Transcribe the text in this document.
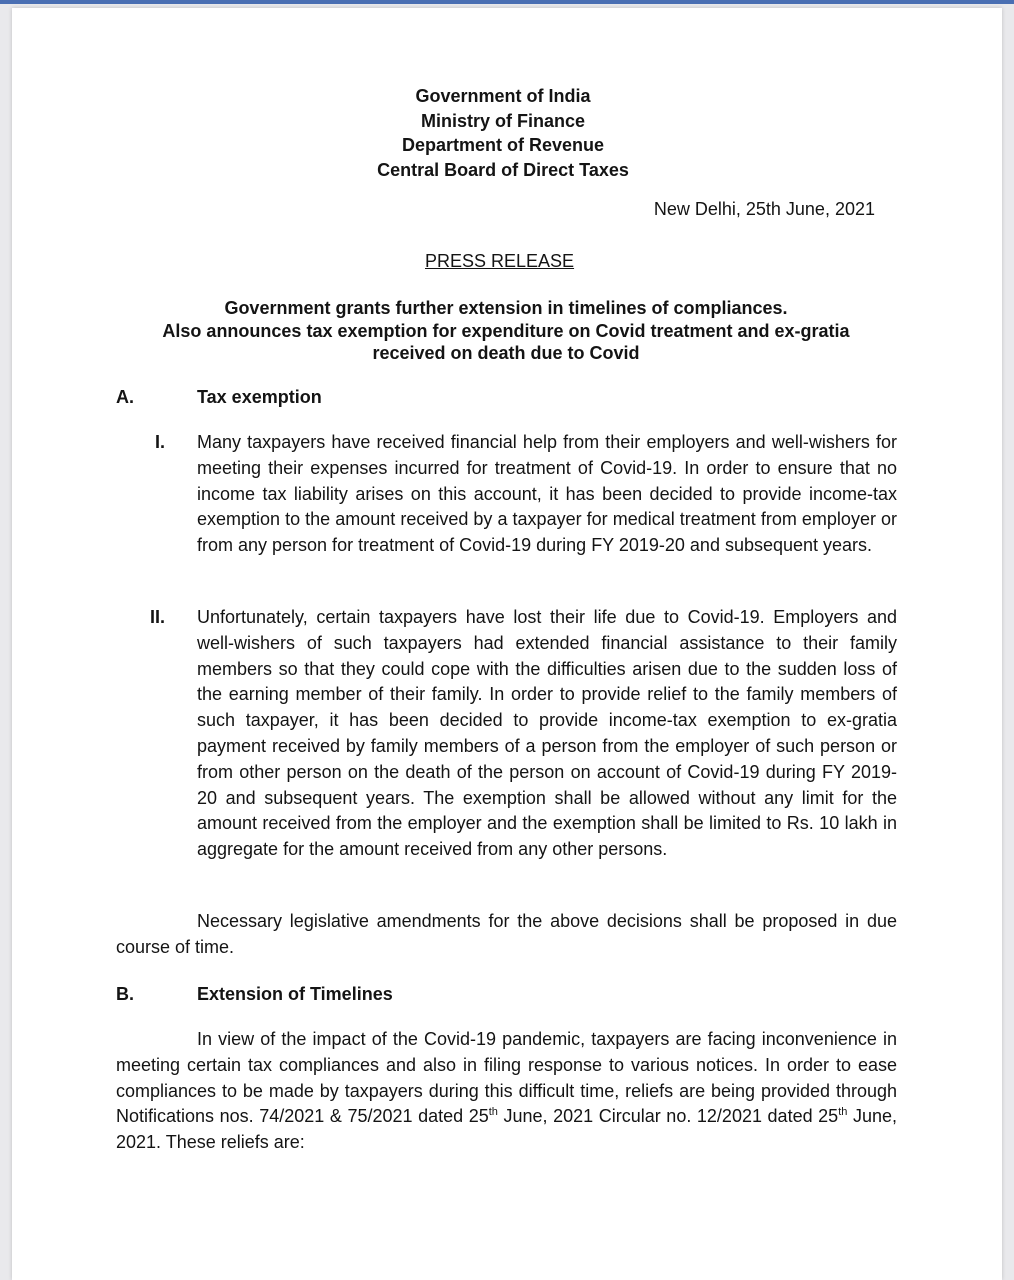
Government of India
Ministry of Finance
Department of Revenue
Central Board of Direct Taxes
New Delhi, 25th June, 2021
PRESS RELEASE
Government grants further extension in timelines of compliances.
Also announces tax exemption for expenditure on Covid treatment and ex-gratia
received on death due to Covid
A.	Tax exemption
I. Many taxpayers have received financial help from their employers and well-wishers for meeting their expenses incurred for treatment of Covid-19. In order to ensure that no income tax liability arises on this account, it has been decided to provide income-tax exemption to the amount received by a taxpayer for medical treatment from employer or from any person for treatment of Covid-19 during FY 2019-20 and subsequent years.
II. Unfortunately, certain taxpayers have lost their life due to Covid-19. Employers and well-wishers of such taxpayers had extended financial assistance to their family members so that they could cope with the difficulties arisen due to the sudden loss of the earning member of their family. In order to provide relief to the family members of such taxpayer, it has been decided to provide income-tax exemption to ex-gratia payment received by family members of a person from the employer of such person or from other person on the death of the person on account of Covid-19 during FY 2019-20 and subsequent years. The exemption shall be allowed without any limit for the amount received from the employer and the exemption shall be limited to Rs. 10 lakh in aggregate for the amount received from any other persons.
Necessary legislative amendments for the above decisions shall be proposed in due course of time.
B.	Extension of Timelines
In view of the impact of the Covid-19 pandemic, taxpayers are facing inconvenience in meeting certain tax compliances and also in filing response to various notices. In order to ease compliances to be made by taxpayers during this difficult time, reliefs are being provided through Notifications nos. 74/2021 & 75/2021 dated 25th June, 2021 Circular no. 12/2021 dated 25th June, 2021. These reliefs are:
